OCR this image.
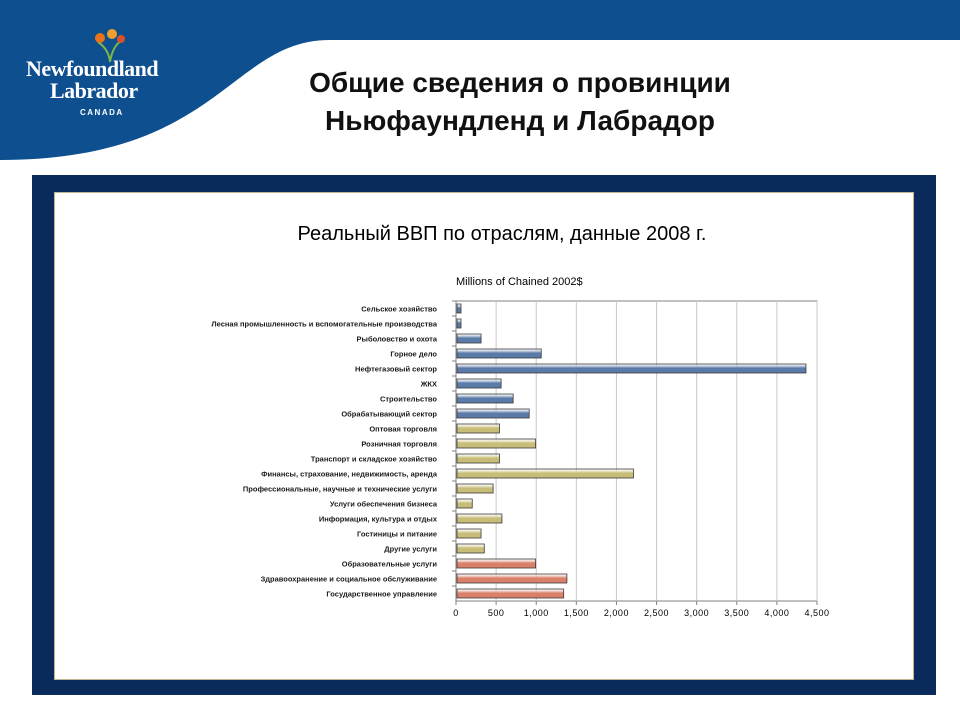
Newfoundland
Labrador
CANADA
Общие сведения о провинции
Ньюфаундленд и Лабрадор
Реальный ВВП по отраслям, данные 2008 г.
0	500 1,000 1,500 2,000 2,500 3,000 3,500 4,000 4,500
Millions of Chained 2002$
Сельское хозяйство
Лесная промышленность и вспомогательные производства
Рыболовство и охота
Горное дело
Нефтегазовый сектор
ЖКХ
Строительство
Обрабатывающий сектор
Оптовая торговля
Розничная торговля
Транспорт и складское хозяйство
Финансы, страхование, недвижимость, аренда
Профессиональные, научные и технические услуги
Услуги обеспечения бизнеса
Информация, культура и отдых
Гостиницы и питание
Другие услуги
Образовательные услуги
Здравоохранение и социальное обслуживание
Государственное управление
1
